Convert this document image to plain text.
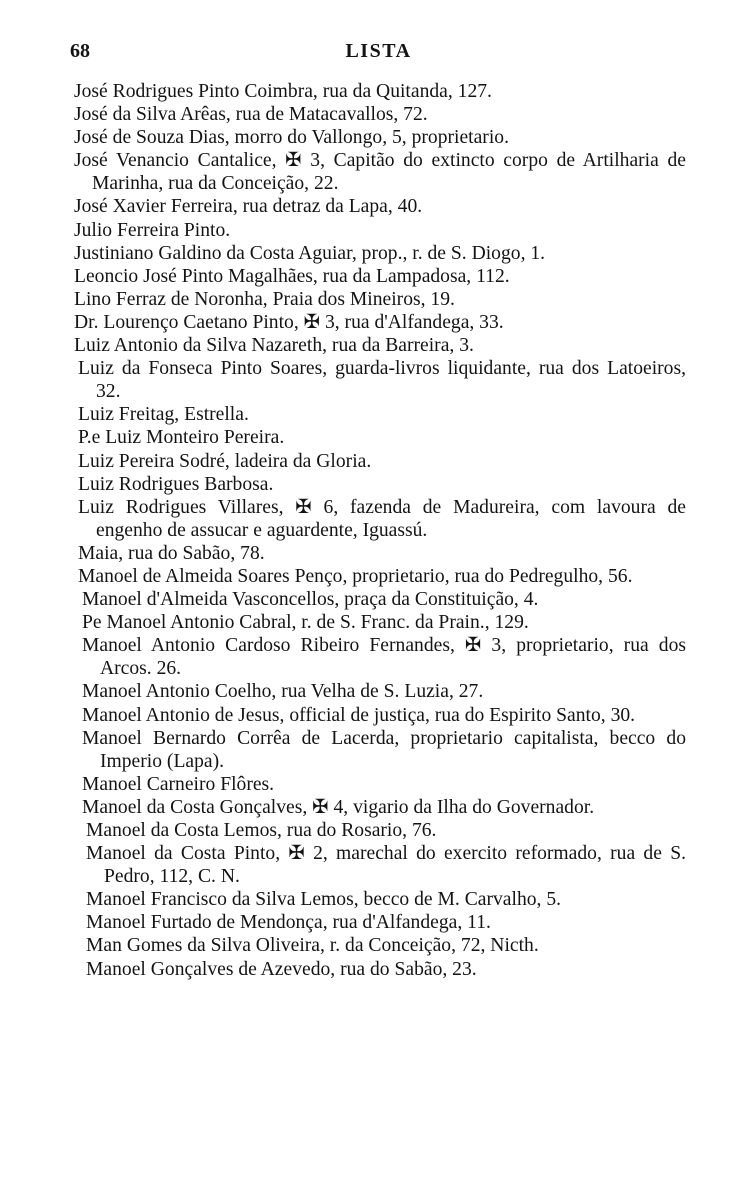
68	LISTA

José Rodrigues Pinto Coimbra, rua da Quitanda, 127.

José da Silva Arêas, rua de Matacavallos, 72.

José de Souza Dias, morro do Vallongo, 5, proprietario.

José Venancio Cantalice, ✠ 3, Capitão do extincto corpo de Artilharia de Marinha, rua da Conceição, 22.

José Xavier Ferreira, rua detraz da Lapa, 40.

Julio Ferreira Pinto.

Justiniano Galdino da Costa Aguiar, prop., r. de S. Diogo, 1.

Leoncio José Pinto Magalhães, rua da Lampadosa, 112.

Lino Ferraz de Noronha, Praia dos Mineiros, 19.

Dr. Lourenço Caetano Pinto, ✠ 3, rua d'Alfandega, 33.

Luiz Antonio da Silva Nazareth, rua da Barreira, 3.

Luiz da Fonseca Pinto Soares, guarda-livros liquidante, rua dos Latoeiros, 32.

Luiz Freitag, Estrella.

P.e Luiz Monteiro Pereira.

Luiz Pereira Sodré, ladeira da Gloria.

Luiz Rodrigues Barbosa.

Luiz Rodrigues Villares, ✠ 6, fazenda de Madureira, com lavoura de engenho de assucar e aguardente, Iguassú.

Maia, rua do Sabão, 78.

Manoel de Almeida Soares Penço, proprietario, rua do Pedregulho, 56.

Manoel d'Almeida Vasconcellos, praça da Constituição, 4.

Pe Manoel Antonio Cabral, r. de S. Franc. da Prain., 129.

Manoel Antonio Cardoso Ribeiro Fernandes, ✠ 3, proprietario, rua dos Arcos. 26.

Manoel Antonio Coelho, rua Velha de S. Luzia, 27.

Manoel Antonio de Jesus, official de justiça, rua do Espirito Santo, 30.

Manoel Bernardo Corrêa de Lacerda, proprietario capitalista, becco do Imperio (Lapa).

Manoel Carneiro Flôres.

Manoel da Costa Gonçalves, ✠ 4, vigario da Ilha do Governador.

Manoel da Costa Lemos, rua do Rosario, 76.

Manoel da Costa Pinto, ✠ 2, marechal do exercito reformado, rua de S. Pedro, 112, C. N.

Manoel Francisco da Silva Lemos, becco de M. Carvalho, 5.

Manoel Furtado de Mendonça, rua d'Alfandega, 11.

Man Gomes da Silva Oliveira, r. da Conceição, 72, Nicth.

Manoel Gonçalves de Azevedo, rua do Sabão, 23.
